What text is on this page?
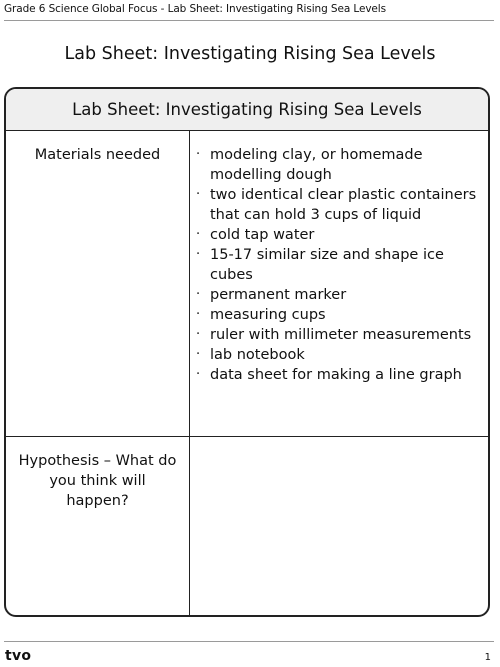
Grade 6 Science Global Focus - Lab Sheet: Investigating Rising Sea Levels
Lab Sheet: Investigating Rising Sea Levels
Lab Sheet: Investigating Rising Sea Levels
Materials needed	· modeling clay, or homemade modelling dough
· two identical clear plastic containers that can hold 3 cups of liquid
· cold tap water
· 15-17 similar size and shape ice cubes
· permanent marker
· measuring cups
· ruler with millimeter measurements
· lab notebook
· data sheet for making a line graph
Hypothesis – What do you think will happen?
tvo	1
